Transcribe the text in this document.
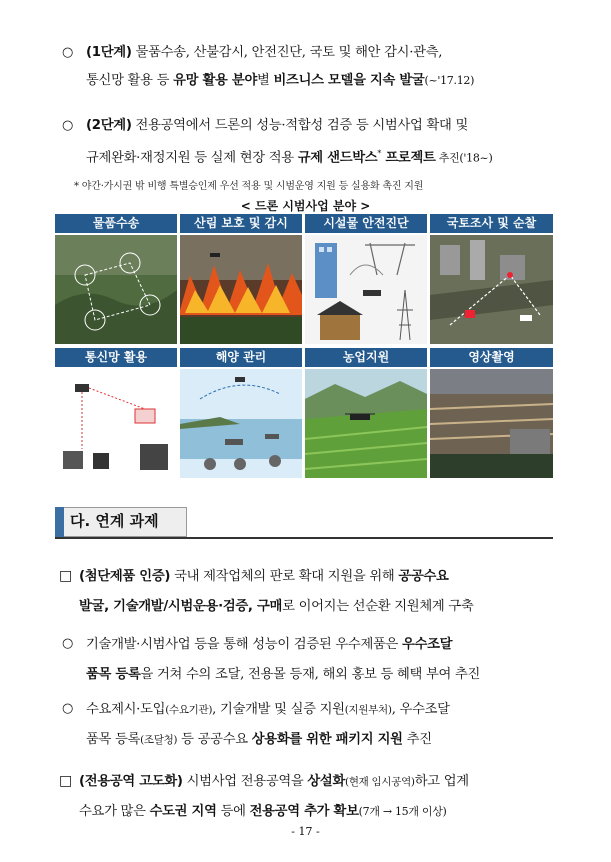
○ (1단계) 물품수송, 산불감시, 안전진단, 국토 및 해안 감시·관측,
통신망 활용 등 유망 활용 분야별 비즈니스 모델을 지속 발굴(~'17.12)
○ (2단계) 전용공역에서 드론의 성능·적합성 검증 등 시범사업 확대 및
규제완화·재정지원 등 실제 현장 적용 규제 샌드박스* 프로젝트 추진('18~)
* 야간·가시권 밖 비행 특별승인제 우선 적용 및 시범운영 지원 등 실용화 촉진 지원
< 드론 시범사업 분야 >
물품수송	산림 보호 및 감시	시설물 안전진단	국토조사 및 순찰
통신망 활용	해양 관리	농업지원	영상촬영
다. 연계 과제
□ (첨단제품 인증) 국내 제작업체의 판로 확대 지원을 위해 공공수요
발굴, 기술개발/시범운용·검증, 구매로 이어지는 선순환 지원체계 구축
○ 기술개발·시범사업 등을 통해 성능이 검증된 우수제품은 우수조달
품목 등록을 거쳐 수의 조달, 전용몰 등재, 해외 홍보 등 혜택 부여 추진
○ 수요제시·도입(수요기관), 기술개발 및 실증 지원(지원부처), 우수조달
품목 등록(조달청) 등 공공수요 상용화를 위한 패키지 지원 추진
□ (전용공역 고도화) 시범사업 전용공역을 상설화(현재 임시공역)하고 업계
수요가 많은 수도권 지역 등에 전용공역 추가 확보(7개 → 15개 이상)
- 17 -
